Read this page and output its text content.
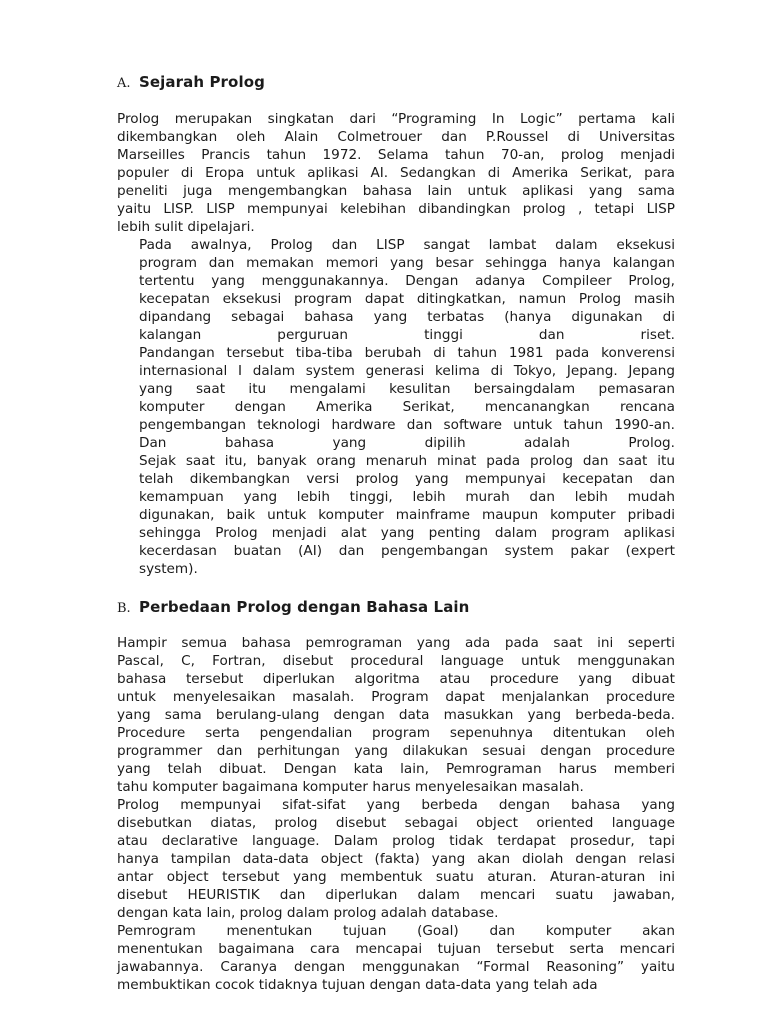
A. Sejarah Prolog
Prolog merupakan singkatan dari “Programing In Logic” pertama kali
dikembangkan oleh Alain Colmetrouer dan P.Roussel di Universitas
Marseilles Prancis tahun 1972. Selama tahun 70-an, prolog menjadi
populer di Eropa untuk aplikasi AI. Sedangkan di Amerika Serikat, para
peneliti juga mengembangkan bahasa lain untuk aplikasi yang sama
yaitu LISP. LISP mempunyai kelebihan dibandingkan prolog , tetapi LISP
lebih sulit dipelajari.
Pada awalnya, Prolog dan LISP sangat lambat dalam eksekusi
program dan memakan memori yang besar sehingga hanya kalangan
tertentu yang menggunakannya. Dengan adanya Compileer Prolog,
kecepatan eksekusi program dapat ditingkatkan, namun Prolog masih
dipandang sebagai bahasa yang terbatas (hanya digunakan di
kalangan perguruan tinggi dan riset.
Pandangan tersebut tiba-tiba berubah di tahun 1981 pada konverensi
internasional I dalam system generasi kelima di Tokyo, Jepang. Jepang
yang saat itu mengalami kesulitan bersaingdalam pemasaran
komputer dengan Amerika Serikat, mencanangkan rencana
pengembangan teknologi hardware dan software untuk tahun 1990-an.
Dan bahasa yang dipilih adalah Prolog.
Sejak saat itu, banyak orang menaruh minat pada prolog dan saat itu
telah dikembangkan versi prolog yang mempunyai kecepatan dan
kemampuan yang lebih tinggi, lebih murah dan lebih mudah
digunakan, baik untuk komputer mainframe maupun komputer pribadi
sehingga Prolog menjadi alat yang penting dalam program aplikasi
kecerdasan buatan (AI) dan pengembangan system pakar (expert
system).
B. Perbedaan Prolog dengan Bahasa Lain
Hampir semua bahasa pemrograman yang ada pada saat ini seperti
Pascal, C, Fortran, disebut procedural language untuk menggunakan
bahasa tersebut diperlukan algoritma atau procedure yang dibuat
untuk menyelesaikan masalah. Program dapat menjalankan procedure
yang sama berulang-ulang dengan data masukkan yang berbeda-beda.
Procedure serta pengendalian program sepenuhnya ditentukan oleh
programmer dan perhitungan yang dilakukan sesuai dengan procedure
yang telah dibuat. Dengan kata lain, Pemrograman harus memberi
tahu komputer bagaimana komputer harus menyelesaikan masalah.
Prolog mempunyai sifat-sifat yang berbeda dengan bahasa yang
disebutkan diatas, prolog disebut sebagai object oriented language
atau declarative language. Dalam prolog tidak terdapat prosedur, tapi
hanya tampilan data-data object (fakta) yang akan diolah dengan relasi
antar object tersebut yang membentuk suatu aturan. Aturan-aturan ini
disebut HEURISTIK dan diperlukan dalam mencari suatu jawaban,
dengan kata lain, prolog dalam prolog adalah database.
Pemrogram menentukan tujuan (Goal) dan komputer akan
menentukan bagaimana cara mencapai tujuan tersebut serta mencari
jawabannya. Caranya dengan menggunakan “Formal Reasoning” yaitu
membuktikan cocok tidaknya tujuan dengan data-data yang telah ada
